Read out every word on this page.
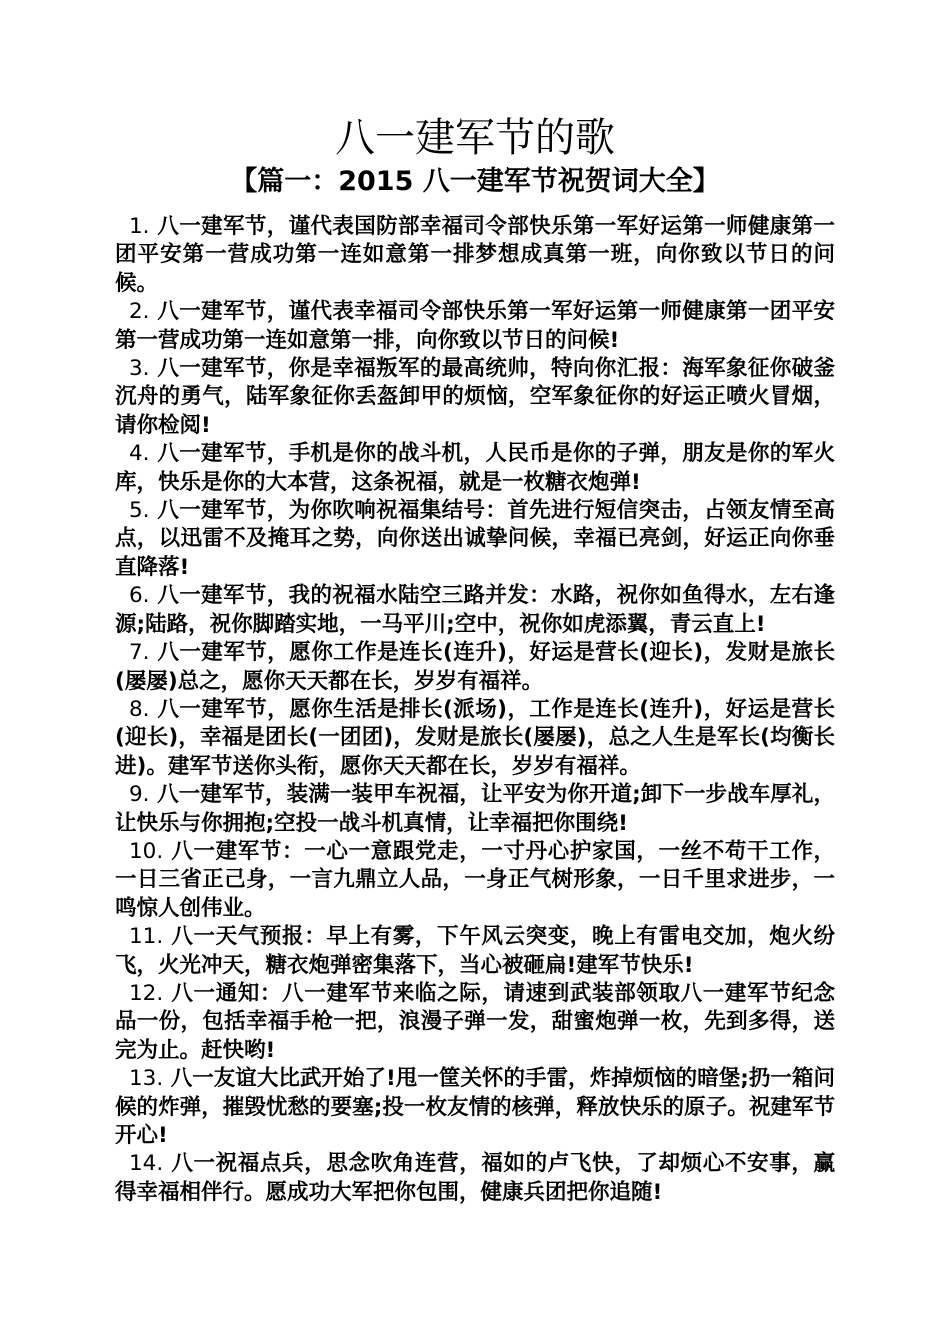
八一建军节的歌
【篇一：2015 八一建军节祝贺词大全】
1. 八一建军节，谨代表国防部幸福司令部快乐第一军好运第一师健康第一团平安第一营成功第一连如意第一排梦想成真第一班，向你致以节日的问候。
2. 八一建军节，谨代表幸福司令部快乐第一军好运第一师健康第一团平安第一营成功第一连如意第一排，向你致以节日的问候!
3. 八一建军节，你是幸福叛军的最高统帅，特向你汇报：海军象征你破釜沉舟的勇气，陆军象征你丢盔卸甲的烦恼，空军象征你的好运正喷火冒烟，请你检阅!
4. 八一建军节，手机是你的战斗机，人民币是你的子弹，朋友是你的军火库，快乐是你的大本营，这条祝福，就是一枚糖衣炮弹!
5. 八一建军节，为你吹响祝福集结号：首先进行短信突击，占领友情至高点，以迅雷不及掩耳之势，向你送出诚挚问候，幸福已亮剑，好运正向你垂直降落!
6. 八一建军节，我的祝福水陆空三路并发：水路，祝你如鱼得水，左右逢源;陆路，祝你脚踏实地，一马平川;空中，祝你如虎添翼，青云直上!
7. 八一建军节，愿你工作是连长(连升)，好运是营长(迎长)，发财是旅长(屡屡)总之，愿你天天都在长，岁岁有福祥。
8. 八一建军节，愿你生活是排长(派场)，工作是连长(连升)，好运是营长(迎长)，幸福是团长(一团团)，发财是旅长(屡屡)，总之人生是军长(均衡长进)。建军节送你头衔，愿你天天都在长，岁岁有福祥。
9. 八一建军节，装满一装甲车祝福，让平安为你开道;卸下一步战车厚礼，让快乐与你拥抱;空投一战斗机真情，让幸福把你围绕!
10. 八一建军节：一心一意跟党走，一寸丹心护家国，一丝不苟干工作，一日三省正己身，一言九鼎立人品，一身正气树形象，一日千里求进步，一鸣惊人创伟业。
11. 八一天气预报：早上有雾，下午风云突变，晚上有雷电交加，炮火纷飞，火光冲天，糖衣炮弹密集落下，当心被砸扁!建军节快乐!
12. 八一通知：八一建军节来临之际，请速到武装部领取八一建军节纪念品一份，包括幸福手枪一把，浪漫子弹一发，甜蜜炮弹一枚，先到多得，送完为止。赶快哟!
13. 八一友谊大比武开始了!甩一筐关怀的手雷，炸掉烦恼的暗堡;扔一箱问候的炸弹，摧毁忧愁的要塞;投一枚友情的核弹，释放快乐的原子。祝建军节开心!
14. 八一祝福点兵，思念吹角连营，福如的卢飞快，了却烦心不安事，赢得幸福相伴行。愿成功大军把你包围，健康兵团把你追随!
